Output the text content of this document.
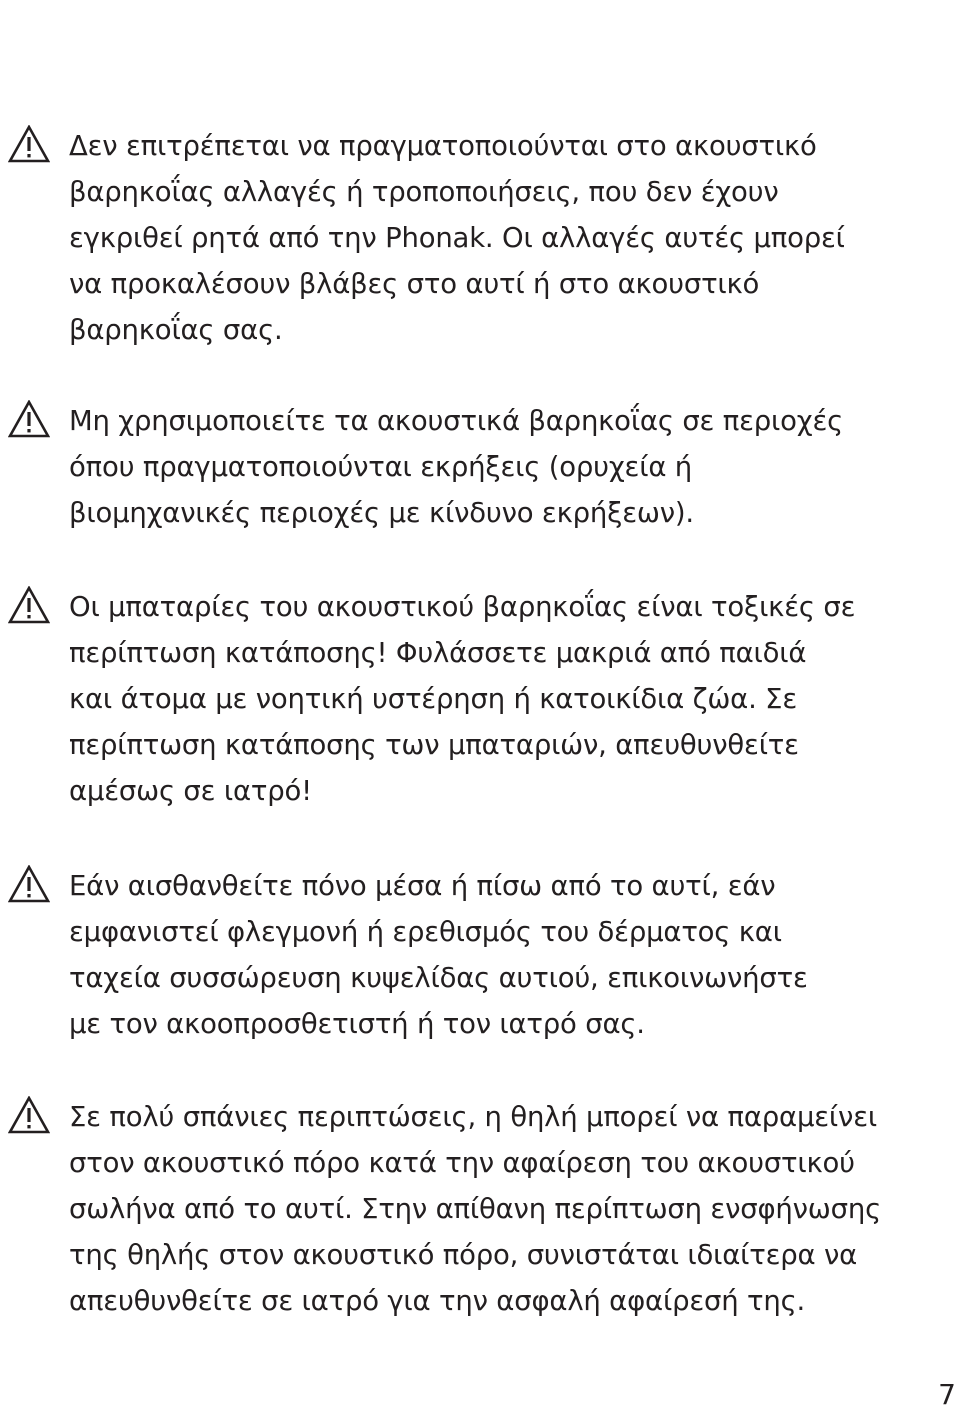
Δεν επιτρέπεται να πραγματοποιούνται στο ακουστικό
βαρηκοΐας αλλαγές ή τροποποιήσεις, που δεν έχουν
εγκριθεί ρητά από την Phonak. Οι αλλαγές αυτές μπορεί
να προκαλέσουν βλάβες στο αυτί ή στο ακουστικό
βαρηκοΐας σας.

Μη χρησιμοποιείτε τα ακουστικά βαρηκοΐας σε περιοχές
όπου πραγματοποιούνται εκρήξεις (ορυχεία ή
βιομηχανικές περιοχές με κίνδυνο εκρήξεων).

Οι μπαταρίες του ακουστικού βαρηκοΐας είναι τοξικές σε
περίπτωση κατάποσης! Φυλάσσετε μακριά από παιδιά
και άτομα με νοητική υστέρηση ή κατοικίδια ζώα. Σε
περίπτωση κατάποσης των μπαταριών, απευθυνθείτε
αμέσως σε ιατρό!

Εάν αισθανθείτε πόνο μέσα ή πίσω από το αυτί, εάν
εμφανιστεί φλεγμονή ή ερεθισμός του δέρματος και
ταχεία συσσώρευση κυψελίδας αυτιού, επικοινωνήστε
με τον ακοοπροσθετιστή ή τον ιατρό σας.

Σε πολύ σπάνιες περιπτώσεις, η θηλή μπορεί να παραμείνει
στον ακουστικό πόρο κατά την αφαίρεση του ακουστικού
σωλήνα από το αυτί. Στην απίθανη περίπτωση ενσφήνωσης
της θηλής στον ακουστικό πόρο, συνιστάται ιδιαίτερα να
απευθυνθείτε σε ιατρό για την ασφαλή αφαίρεσή της.

7
